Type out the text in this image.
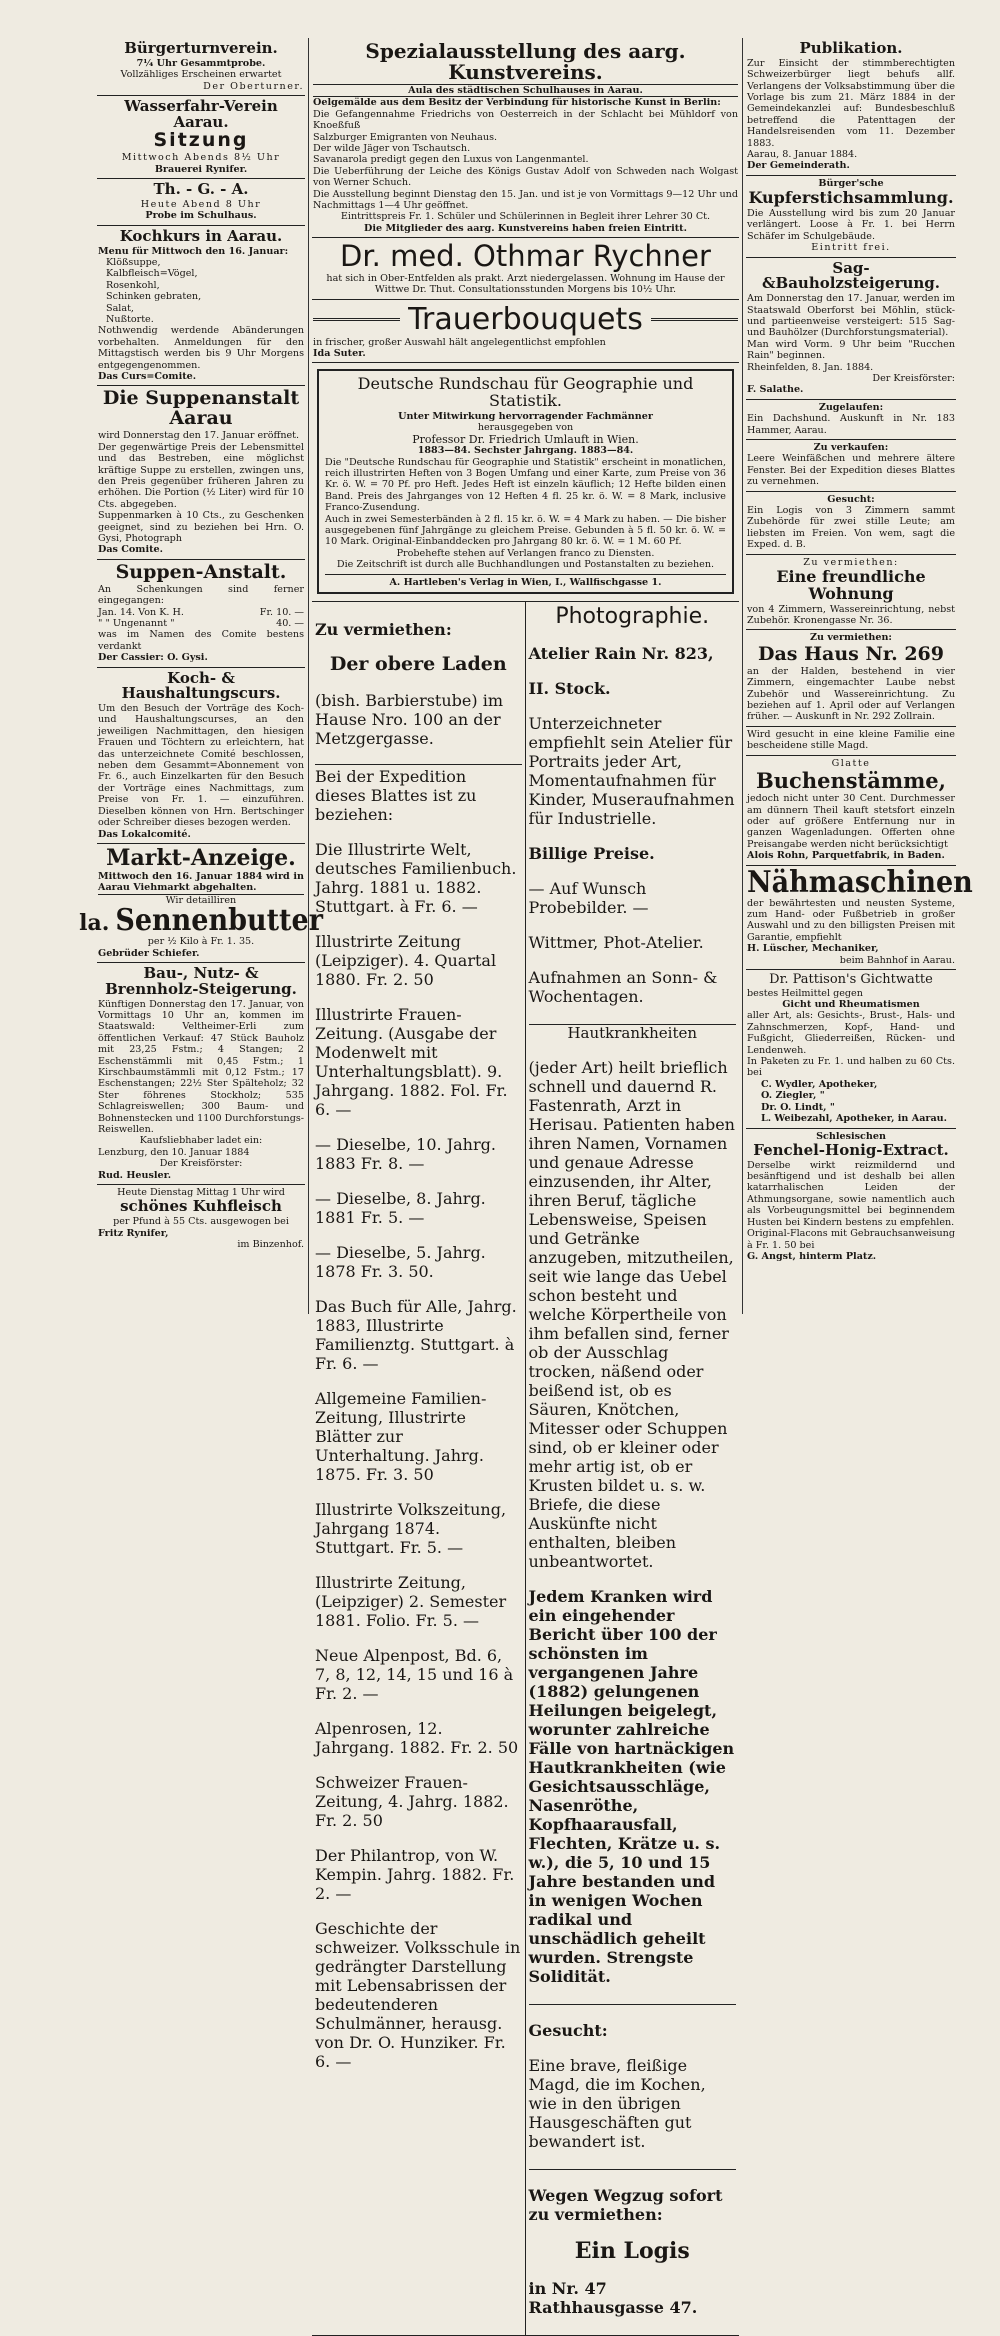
Bürgerturnverein.

7¼ Uhr Gesammtprobe.

Vollzähliges Erscheinen erwartet

Der Oberturner.

Wasserfahr-Verein Aarau.
Sitzung

Mittwoch Abends 8½ Uhr

Brauerei Rynifer.

Th. - G. - A.

Heute Abend 8 Uhr

Probe im Schulhaus.

Kochkurs in Aarau.

Menu für Mittwoch den 16. Januar:

Klößsuppe,

Kalbfleisch=Vögel,

Rosenkohl,

Schinken gebraten,

Salat,

Nußtorte.

Nothwendig werdende Abänderungen vorbehalten. Anmeldungen für den Mittagstisch werden bis 9 Uhr Morgens entgegengenommen.

Das Curs=Comite.

Die Suppenanstalt Aarau

wird Donnerstag den 17. Januar eröffnet.

Der gegenwärtige Preis der Lebensmittel und das Bestreben, eine möglichst kräftige Suppe zu erstellen, zwingen uns, den Preis gegenüber früheren Jahren zu erhöhen. Die Portion (½ Liter) wird für 10 Cts. abgegeben.

Suppenmarken à 10 Cts., zu Geschenken geeignet, sind zu beziehen bei Hrn. O. Gysi, Photograph

Das Comite.

Suppen-Anstalt.

An Schenkungen sind ferner eingegangen:

Jan. 14. Von K. H.	Fr. 10. —

" " Ungenannt "	40. —

was im Namen des Comite bestens verdankt

Der Cassier: O. Gysi.

Koch- & Haushaltungscurs.

Um den Besuch der Vorträge des Koch- und Haushaltungscurses, an den jeweiligen Nachmittagen, den hiesigen Frauen und Töchtern zu erleichtern, hat das unterzeichnete Comité beschlossen, neben dem Gesammt=Abonnement von Fr. 6., auch Einzelkarten für den Besuch der Vorträge eines Nachmittags, zum Preise von Fr. 1. — einzuführen. Dieselben können von Hrn. Bertschinger oder Schreiber dieses bezogen werden.

Das Lokalcomité.

Markt-Anzeige.

Mittwoch den 16. Januar 1884 wird in Aarau Viehmarkt abgehalten.

Wir detailliren

la. Sennenbutter

per ½ Kilo à Fr. 1. 35.

Gebrüder Schiefer.

Bau-, Nutz- & Brennholz-Steigerung.

Künftigen Donnerstag den 17. Januar, von Vormittags 10 Uhr an, kommen im Staatswald: Veltheimer-Erli zum öffentlichen Verkauf: 47 Stück Bauholz mit 23,25 Fstm.; 4 Stangen; 2 Eschenstämmli mit 0,45 Fstm.; 1 Kirschbaumstämmli mit 0,12 Fstm.; 17 Eschenstangen; 22½ Ster Spälteholz; 32 Ster föhrenes Stockholz; 535 Schlagreiswellen; 300 Baum- und Bohnenstecken und 1100 Durchforstungs-Reiswellen.

Kaufsliebhaber ladet ein:

Lenzburg, den 10. Januar 1884

Der Kreisförster:

Rud. Heusler.

Heute Dienstag Mittag 1 Uhr wird

schönes Kuhfleisch

per Pfund à 55 Cts. ausgewogen bei

Fritz Rynifer,

im Binzenhof.

Spezialausstellung des aarg. Kunstvereins.

Aula des städtischen Schulhauses in Aarau.

Oelgemälde aus dem Besitz der Verbindung für historische Kunst in Berlin:

Die Gefangennahme Friedrichs von Oesterreich in der Schlacht bei Mühldorf von Knoeßfuß

Salzburger Emigranten von Neuhaus.

Der wilde Jäger von Tschautsch.

Savanarola predigt gegen den Luxus von Langenmantel.

Die Ueberführung der Leiche des Königs Gustav Adolf von Schweden nach Wolgast von Werner Schuch.

Die Ausstellung beginnt Dienstag den 15. Jan. und ist je von Vormittags 9—12 Uhr und Nachmittags 1—4 Uhr geöffnet.

Eintrittspreis Fr. 1. Schüler und Schülerinnen in Begleit ihrer Lehrer 30 Ct.

Die Mitglieder des aarg. Kunstvereins haben freien Eintritt.

Dr. med. Othmar Rychner

hat sich in Ober-Entfelden als prakt. Arzt niedergelassen. Wohnung im Hause der Wittwe Dr. Thut. Consultationsstunden Morgens bis 10½ Uhr.

Trauerbouquets

in frischer, großer Auswahl hält angelegentlichst empfohlen

Ida Suter.

Deutsche Rundschau für Geographie und Statistik.

Unter Mitwirkung hervorragender Fachmänner

herausgegeben von

Professor Dr. Friedrich Umlauft in Wien.

1883—84. Sechster Jahrgang. 1883—84.

Die "Deutsche Rundschau für Geographie und Statistik" erscheint in monatlichen, reich illustrirten Heften von 3 Bogen Umfang und einer Karte, zum Preise von 36 Kr. ö. W. = 70 Pf. pro Heft. Jedes Heft ist einzeln käuflich; 12 Hefte bilden einen Band. Preis des Jahrganges von 12 Heften 4 fl. 25 kr. ö. W. = 8 Mark, inclusive Franco-Zusendung.

Auch in zwei Semesterbänden à 2 fl. 15 kr. ö. W. = 4 Mark zu haben. — Die bisher ausgegebenen fünf Jahrgänge zu gleichem Preise. Gebunden à 5 fl. 50 kr. ö. W. = 10 Mark. Original-Einbanddecken pro Jahrgang 80 kr. ö. W. = 1 M. 60 Pf.

Probehefte stehen auf Verlangen franco zu Diensten.

Die Zeitschrift ist durch alle Buchhandlungen und Postanstalten zu beziehen.

A. Hartleben's Verlag in Wien, I., Wallfischgasse 1.

Zu vermiethen:

Der obere Laden

(bish. Barbierstube) im Hause Nro. 100 an der Metzgergasse.

Bei der Expedition dieses Blattes ist zu beziehen:

Die Illustrirte Welt, deutsches Familienbuch. Jahrg. 1881 u. 1882. Stuttgart. à Fr. 6. —

Illustrirte Zeitung (Leipziger). 4. Quartal 1880. Fr. 2. 50

Illustrirte Frauen-Zeitung. (Ausgabe der Modenwelt mit Unterhaltungsblatt). 9. Jahrgang. 1882. Fol. Fr. 6. —

— Dieselbe, 10. Jahrg. 1883 Fr. 8. —

— Dieselbe, 8. Jahrg. 1881 Fr. 5. —

— Dieselbe, 5. Jahrg. 1878 Fr. 3. 50.

Das Buch für Alle, Jahrg. 1883, Illustrirte Familienztg. Stuttgart. à Fr. 6. —

Allgemeine Familien-Zeitung, Illustrirte Blätter zur Unterhaltung. Jahrg. 1875. Fr. 3. 50

Illustrirte Volkszeitung, Jahrgang 1874. Stuttgart. Fr. 5. —

Illustrirte Zeitung, (Leipziger) 2. Semester 1881. Folio. Fr. 5. —

Neue Alpenpost, Bd. 6, 7, 8, 12, 14, 15 und 16 à Fr. 2. —

Alpenrosen, 12. Jahrgang. 1882. Fr. 2. 50

Schweizer Frauen-Zeitung, 4. Jahrg. 1882. Fr. 2. 50

Der Philantrop, von W. Kempin. Jahrg. 1882. Fr. 2. —

Geschichte der schweizer. Volksschule in gedrängter Darstellung mit Lebensabrissen der bedeutenderen Schulmänner, herausg. von Dr. O. Hunziker. Fr. 6. —

Photographie.

Atelier Rain Nr. 823,

II. Stock.

Unterzeichneter empfiehlt sein Atelier für Portraits jeder Art, Momentaufnahmen für Kinder, Museraufnahmen für Industrielle.

Billige Preise.

— Auf Wunsch Probebilder. —

Wittmer, Phot-Atelier.

Aufnahmen an Sonn- & Wochentagen.

Hautkrankheiten

(jeder Art) heilt brieflich schnell und dauernd R. Fastenrath, Arzt in Herisau. Patienten haben ihren Namen, Vornamen und genaue Adresse einzusenden, ihr Alter, ihren Beruf, tägliche Lebensweise, Speisen und Getränke anzugeben, mitzutheilen, seit wie lange das Uebel schon besteht und welche Körpertheile von ihm befallen sind, ferner ob der Ausschlag trocken, näßend oder beißend ist, ob es Säuren, Knötchen, Mitesser oder Schuppen sind, ob er kleiner oder mehr artig ist, ob er Krusten bildet u. s. w. Briefe, die diese Auskünfte nicht enthalten, bleiben unbeantwortet.

Jedem Kranken wird ein eingehender Bericht über 100 der schönsten im vergangenen Jahre (1882) gelungenen Heilungen beigelegt, worunter zahlreiche Fälle von hartnäckigen Hautkrankheiten (wie Gesichtsausschläge, Nasenröthe, Kopfhaarausfall, Flechten, Krätze u. s. w.), die 5, 10 und 15 Jahre bestanden und in wenigen Wochen radikal und unschädlich geheilt wurden. Strengste Solidität.

Gesucht:

Eine brave, fleißige Magd, die im Kochen, wie in den übrigen Hausgeschäften gut bewandert ist.

Wegen Wegzug sofort zu vermiethen:

Ein Logis

in Nr. 47 Rathhausgasse 47.

Publikation.

Zur Einsicht der stimmberechtigten Schweizerbürger liegt behufs allf. Verlangens der Volksabstimmung über die Vorlage bis zum 21. März 1884 in der Gemeindekanzlei auf: Bundesbeschluß betreffend die Patenttagen der Handelsreisenden vom 11. Dezember 1883.

Aarau, 8. Januar 1884.

Der Gemeinderath.

Bürger'sche

Kupferstichsammlung.

Die Ausstellung wird bis zum 20 Januar verlängert. Loose à Fr. 1. bei Herrn Schäfer im Schulgebäude.

Eintritt frei.

Sag-&Bauholzsteigerung.

Am Donnerstag den 17. Januar, werden im Staatswald Oberforst bei Möhlin, stück- und partieenweise versteigert: 515 Sag- und Bauhölzer (Durchforstungsmaterial).

Man wird Vorm. 9 Uhr beim "Rucchen Rain" beginnen.

Rheinfelden, 8. Jan. 1884.

Der Kreisförster:

F. Salathe.

Zugelaufen:

Ein Dachshund. Auskunft in Nr. 183 Hammer, Aarau.

Zu verkaufen:

Leere Weinfäßchen und mehrere ältere Fenster. Bei der Expedition dieses Blattes zu vernehmen.

Gesucht:

Ein Logis von 3 Zimmern sammt Zubehörde für zwei stille Leute; am liebsten im Freien. Von wem, sagt die Exped. d. B.

Zu vermiethen:

Eine freundliche Wohnung

von 4 Zimmern, Wassereinrichtung, nebst Zubehör. Kronengasse Nr. 36.

Zu vermiethen:

Das Haus Nr. 269

an der Halden, bestehend in vier Zimmern, eingemachter Laube nebst Zubehör und Wassereinrichtung. Zu beziehen auf 1. April oder auf Verlangen früher. — Auskunft in Nr. 292 Zollrain.

Wird gesucht in eine kleine Familie eine bescheidene stille Magd.

Glatte

Buchenstämme,

jedoch nicht unter 30 Cent. Durchmesser am dünnern Theil kauft stetsfort einzeln oder auf größere Entfernung nur in ganzen Wagenladungen. Offerten ohne Preisangabe werden nicht berücksichtigt

Alois Rohn, Parquetfabrik, in Baden.

Nähmaschinen

der bewährtesten und neusten Systeme, zum Hand- oder Fußbetrieb in großer Auswahl und zu den billigsten Preisen mit Garantie, empfiehlt

H. Lüscher, Mechaniker,

beim Bahnhof in Aarau.

Dr. Pattison's Gichtwatte

bestes Heilmittel gegen

Gicht und Rheumatismen

aller Art, als: Gesichts-, Brust-, Hals- und Zahnschmerzen, Kopf-, Hand- und Fußgicht, Gliederreißen, Rücken- und Lendenweh.

In Paketen zu Fr. 1. und halben zu 60 Cts. bei

C. Wydler, Apotheker,

O. Ziegler, "

Dr. O. Lindt, "

L. Weibezahl, Apotheker, in Aarau.

Schlesischen

Fenchel-Honig-Extract.

Derselbe wirkt reizmildernd und besänftigend und ist deshalb bei allen katarrhalischen Leiden der Athmungsorgane, sowie namentlich auch als Vorbeugungsmittel bei beginnendem Husten bei Kindern bestens zu empfehlen.

Original-Flacons mit Gebrauchsanweisung à Fr. 1. 50 bei

G. Angst, hinterm Platz.
